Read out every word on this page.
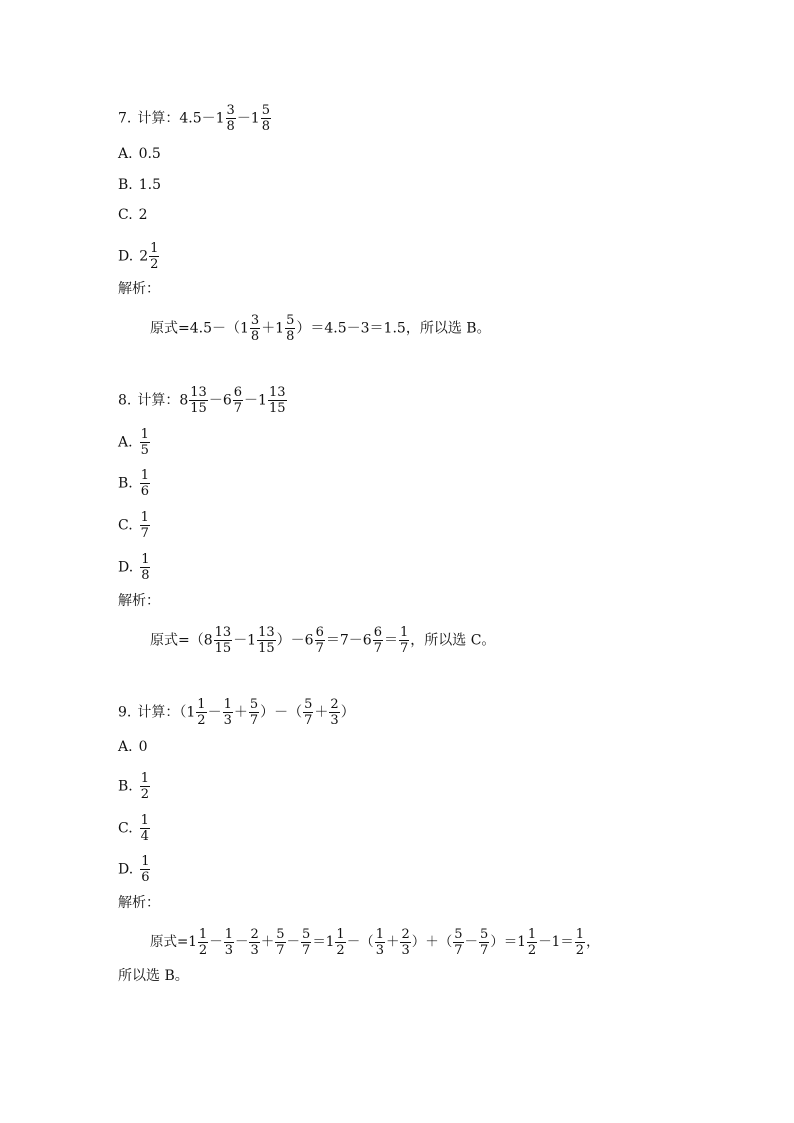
7. 计算：$4.5-1 \frac{3}{8} -1 \frac{5}{8}$
A. 0.5
B. 1.5
C. 2
D. $2 \frac{1}{2}$
解析：
原式$=4.5-(1 \frac{3}{8} +1 \frac{5}{8} )=4.5-3=1.5$，所以选 B。
8. 计算：$8 \frac{13}{15} -6 \frac{6}{7} -1 \frac{13}{15}$
A. $\frac{1}{5}$
B. $\frac{1}{6}$
C. $\frac{1}{7}$
D. $\frac{1}{8}$
解析：
原式$=(8 \frac{13}{15} -1 \frac{13}{15} )-6 \frac{6}{7} =7-6 \frac{6}{7} = \frac{1}{7}$ ，所以选 C。
9. 计算：（$1 \frac{1}{2} - \frac{1}{3} + \frac{5}{7}$ ）－（ $\frac{5}{7} + \frac{2}{3}$ ）
A. 0
B. $\frac{1}{2}$
C. $\frac{1}{4}$
D. $\frac{1}{6}$
解析：
原式$=1 \frac{1}{2} - \frac{1}{3} - \frac{2}{3} + \frac{5}{7} - \frac{5}{7} =1 \frac{1}{2}$ －（ $\frac{1}{3} + \frac{2}{3}$ ）＋（ $\frac{5}{7} - \frac{5}{7} )=1 \frac{1}{2} -1= \frac{1}{2}$ ，
所以选 B。
